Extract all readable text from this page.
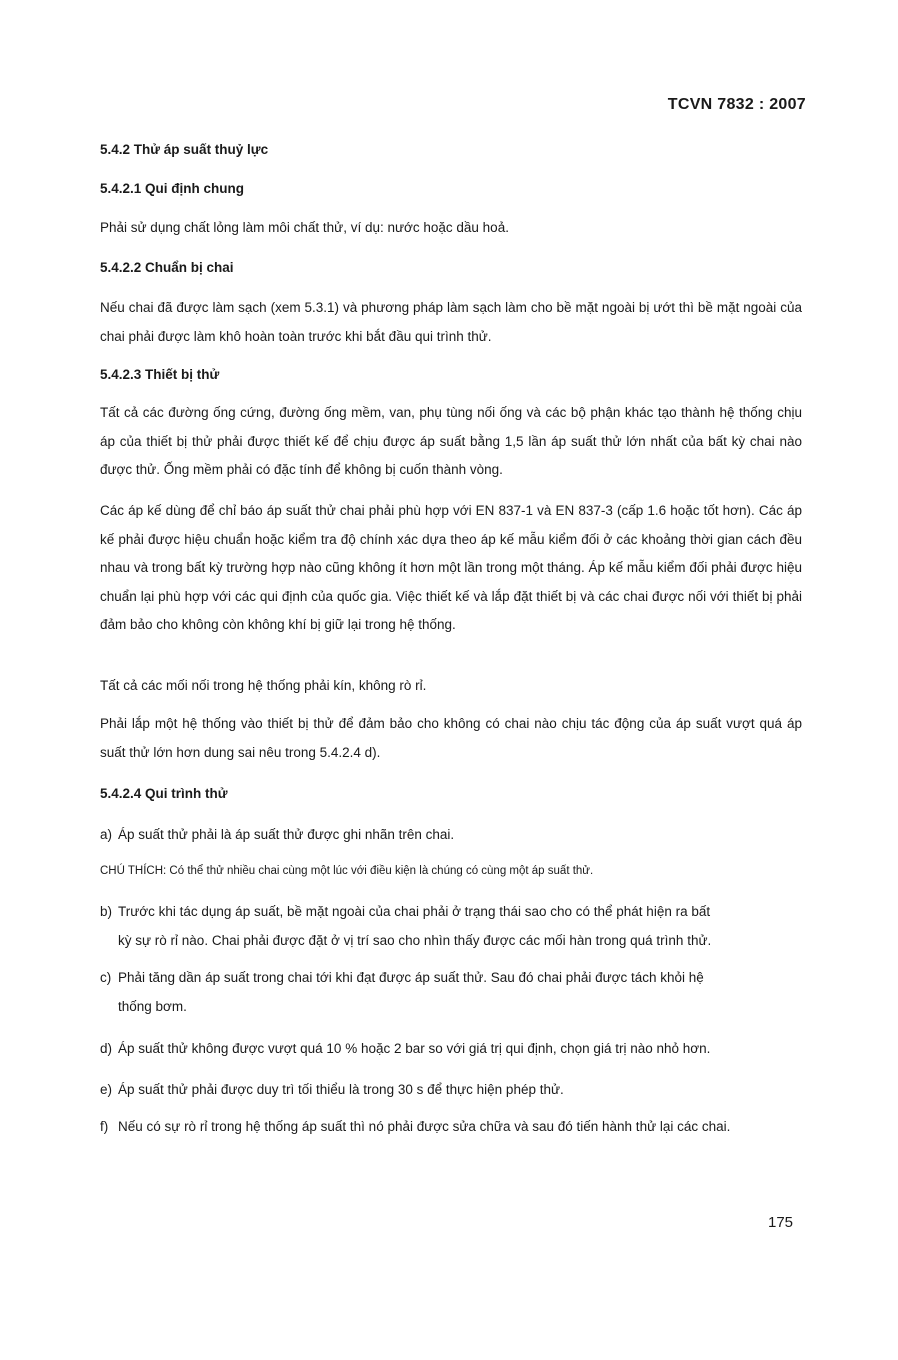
TCVN 7832 : 2007
5.4.2 Thử áp suất thuỷ lực
5.4.2.1 Qui định chung
Phải sử dụng chất lỏng làm môi chất thử, ví dụ: nước hoặc dầu hoả.
5.4.2.2 Chuẩn bị chai
Nếu chai đã được làm sạch (xem 5.3.1) và phương pháp làm sạch làm cho bề mặt ngoài bị ướt thì bề mặt ngoài của chai phải được làm khô hoàn toàn trước khi bắt đầu qui trình thử.
5.4.2.3 Thiết bị thử
Tất cả các đường ống cứng, đường ống mềm, van, phụ tùng nối ống và các bộ phận khác tạo thành hệ thống chịu áp của thiết bị thử phải được thiết kế để chịu được áp suất bằng 1,5 lần áp suất thử lớn nhất của bất kỳ chai nào được thử. Ống mềm phải có đặc tính để không bị cuốn thành vòng.
Các áp kế dùng để chỉ báo áp suất thử chai phải phù hợp với EN 837-1 và EN 837-3 (cấp 1.6 hoặc tốt hơn). Các áp kế phải được hiệu chuẩn hoặc kiểm tra độ chính xác dựa theo áp kế mẫu kiểm đối ở các khoảng thời gian cách đều nhau và trong bất kỳ trường hợp nào cũng không ít hơn một lần trong một tháng. Áp kế mẫu kiểm đối phải được hiệu chuẩn lại phù hợp với các qui định của quốc gia. Việc thiết kế và lắp đặt thiết bị và các chai được nối với thiết bị phải đảm bảo cho không còn không khí bị giữ lại trong hệ thống.
Tất cả các mối nối trong hệ thống phải kín, không rò rỉ.
Phải lắp một hệ thống vào thiết bị thử để đảm bảo cho không có chai nào chịu tác động của áp suất vượt quá áp suất thử lớn hơn dung sai nêu trong 5.4.2.4 d).
5.4.2.4 Qui trình thử
a) Áp suất thử phải là áp suất thử được ghi nhãn trên chai.
CHÚ THÍCH: Có thể thử nhiều chai cùng một lúc với điều kiện là chúng có cùng một áp suất thử.
b) Trước khi tác dụng áp suất, bề mặt ngoài của chai phải ở trạng thái sao cho có thể phát hiện ra bất
kỳ sự rò rỉ nào. Chai phải được đặt ở vị trí sao cho nhìn thấy được các mối hàn trong quá trình thử.
c) Phải tăng dần áp suất trong chai tới khi đạt được áp suất thử. Sau đó chai phải được tách khỏi hệ
thống bơm.
d) Áp suất thử không được vượt quá 10 % hoặc 2 bar so với giá trị qui định, chọn giá trị nào nhỏ hơn.
e) Áp suất thử phải được duy trì tối thiểu là trong 30 s để thực hiện phép thử.
f) Nếu có sự rò rỉ trong hệ thống áp suất thì nó phải được sửa chữa và sau đó tiến hành thử lại các chai.
175
